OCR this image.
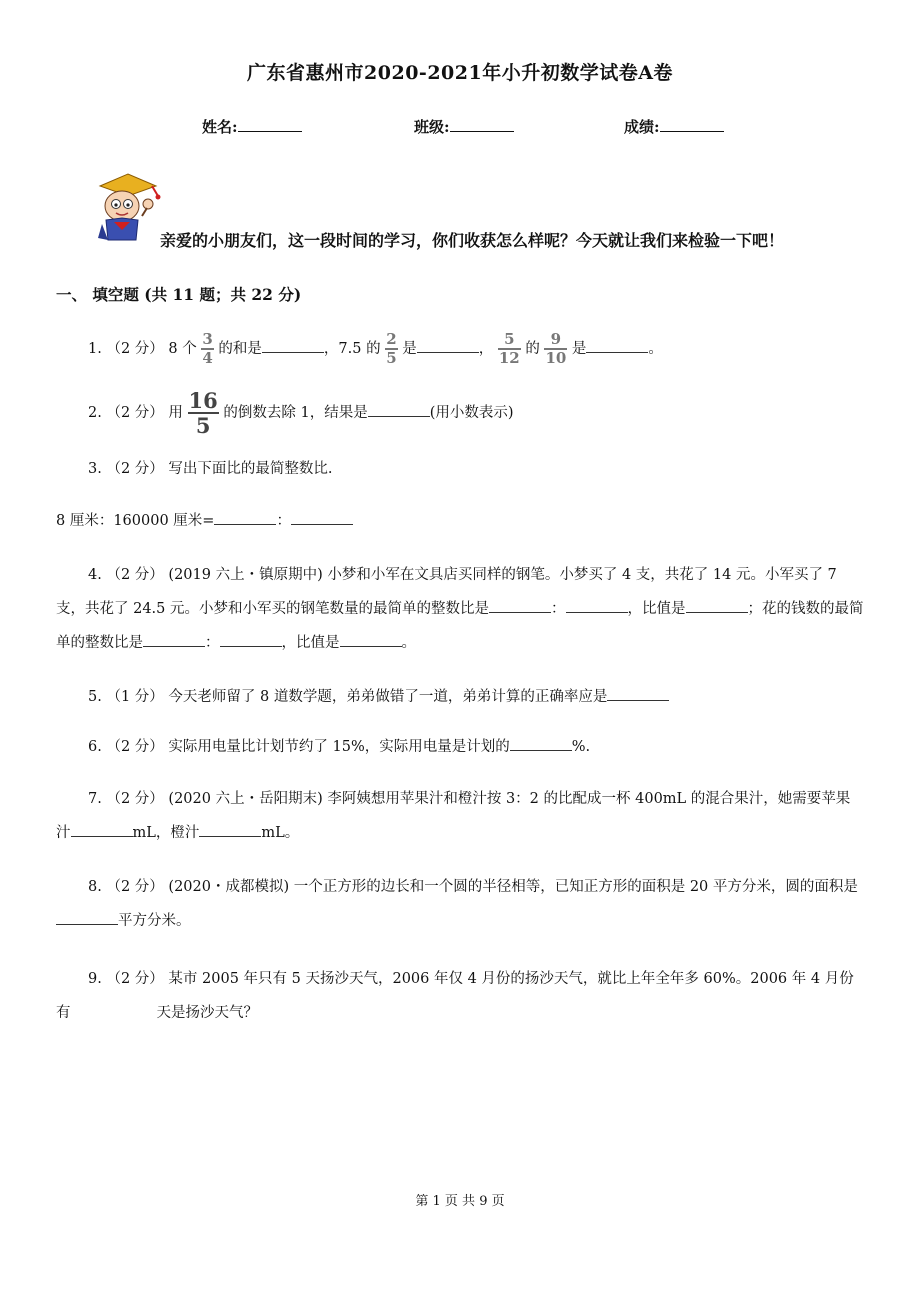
广东省惠州市2020-2021年小升初数学试卷A卷
姓名:	班级:	成绩:
亲爱的小朋友们，这一段时间的学习，你们收获怎么样呢？今天就让我们来检验一下吧！
一、 填空题 (共 11 题；共 22 分)
1. （2 分） 8 个 $\frac{3}{4}$ 的和是	，7.5 的 $\frac{2}{5}$ 是	， $\frac{5}{12}$ 的 $\frac{9}{10}$ 是	。
2. （2 分） 用 $\frac{16}{5}$ 的倒数去除 1，结果是	(用小数表示)
3. （2 分） 写出下面比的最简整数比.
8 厘米：160000 厘米=	：
4. （2 分） (2019 六上・镇原期中) 小梦和小军在文具店买同样的钢笔。小梦买了 4 支，共花了 14 元。小军买了 7 支，共花了 24.5 元。小梦和小军买的钢笔数量的最简单的整数比是	：	，比值是	；花的钱数的最简单的整数比是	：	，比值是	。
5. （1 分） 今天老师留了 8 道数学题，弟弟做错了一道，弟弟计算的正确率应是
6. （2 分） 实际用电量比计划节约了 15%，实际用电量是计划的	%.
7. （2 分） (2020 六上・岳阳期末) 李阿姨想用苹果汁和橙汁按 3：2 的比配成一杯 400mL 的混合果汁，她需要苹果汁	mL，橙汁	mL。
8. （2 分） (2020・成都模拟) 一个正方形的边长和一个圆的半径相等，已知正方形的面积是 20 平方分米，圆的面积是平方分米。
9. （2 分） 某市 2005 年只有 5 天扬沙天气，2006 年仅 4 月份的扬沙天气，就比上年全年多 60%。2006 年 4 月份有	天是扬沙天气？
第 1 页 共 9 页
